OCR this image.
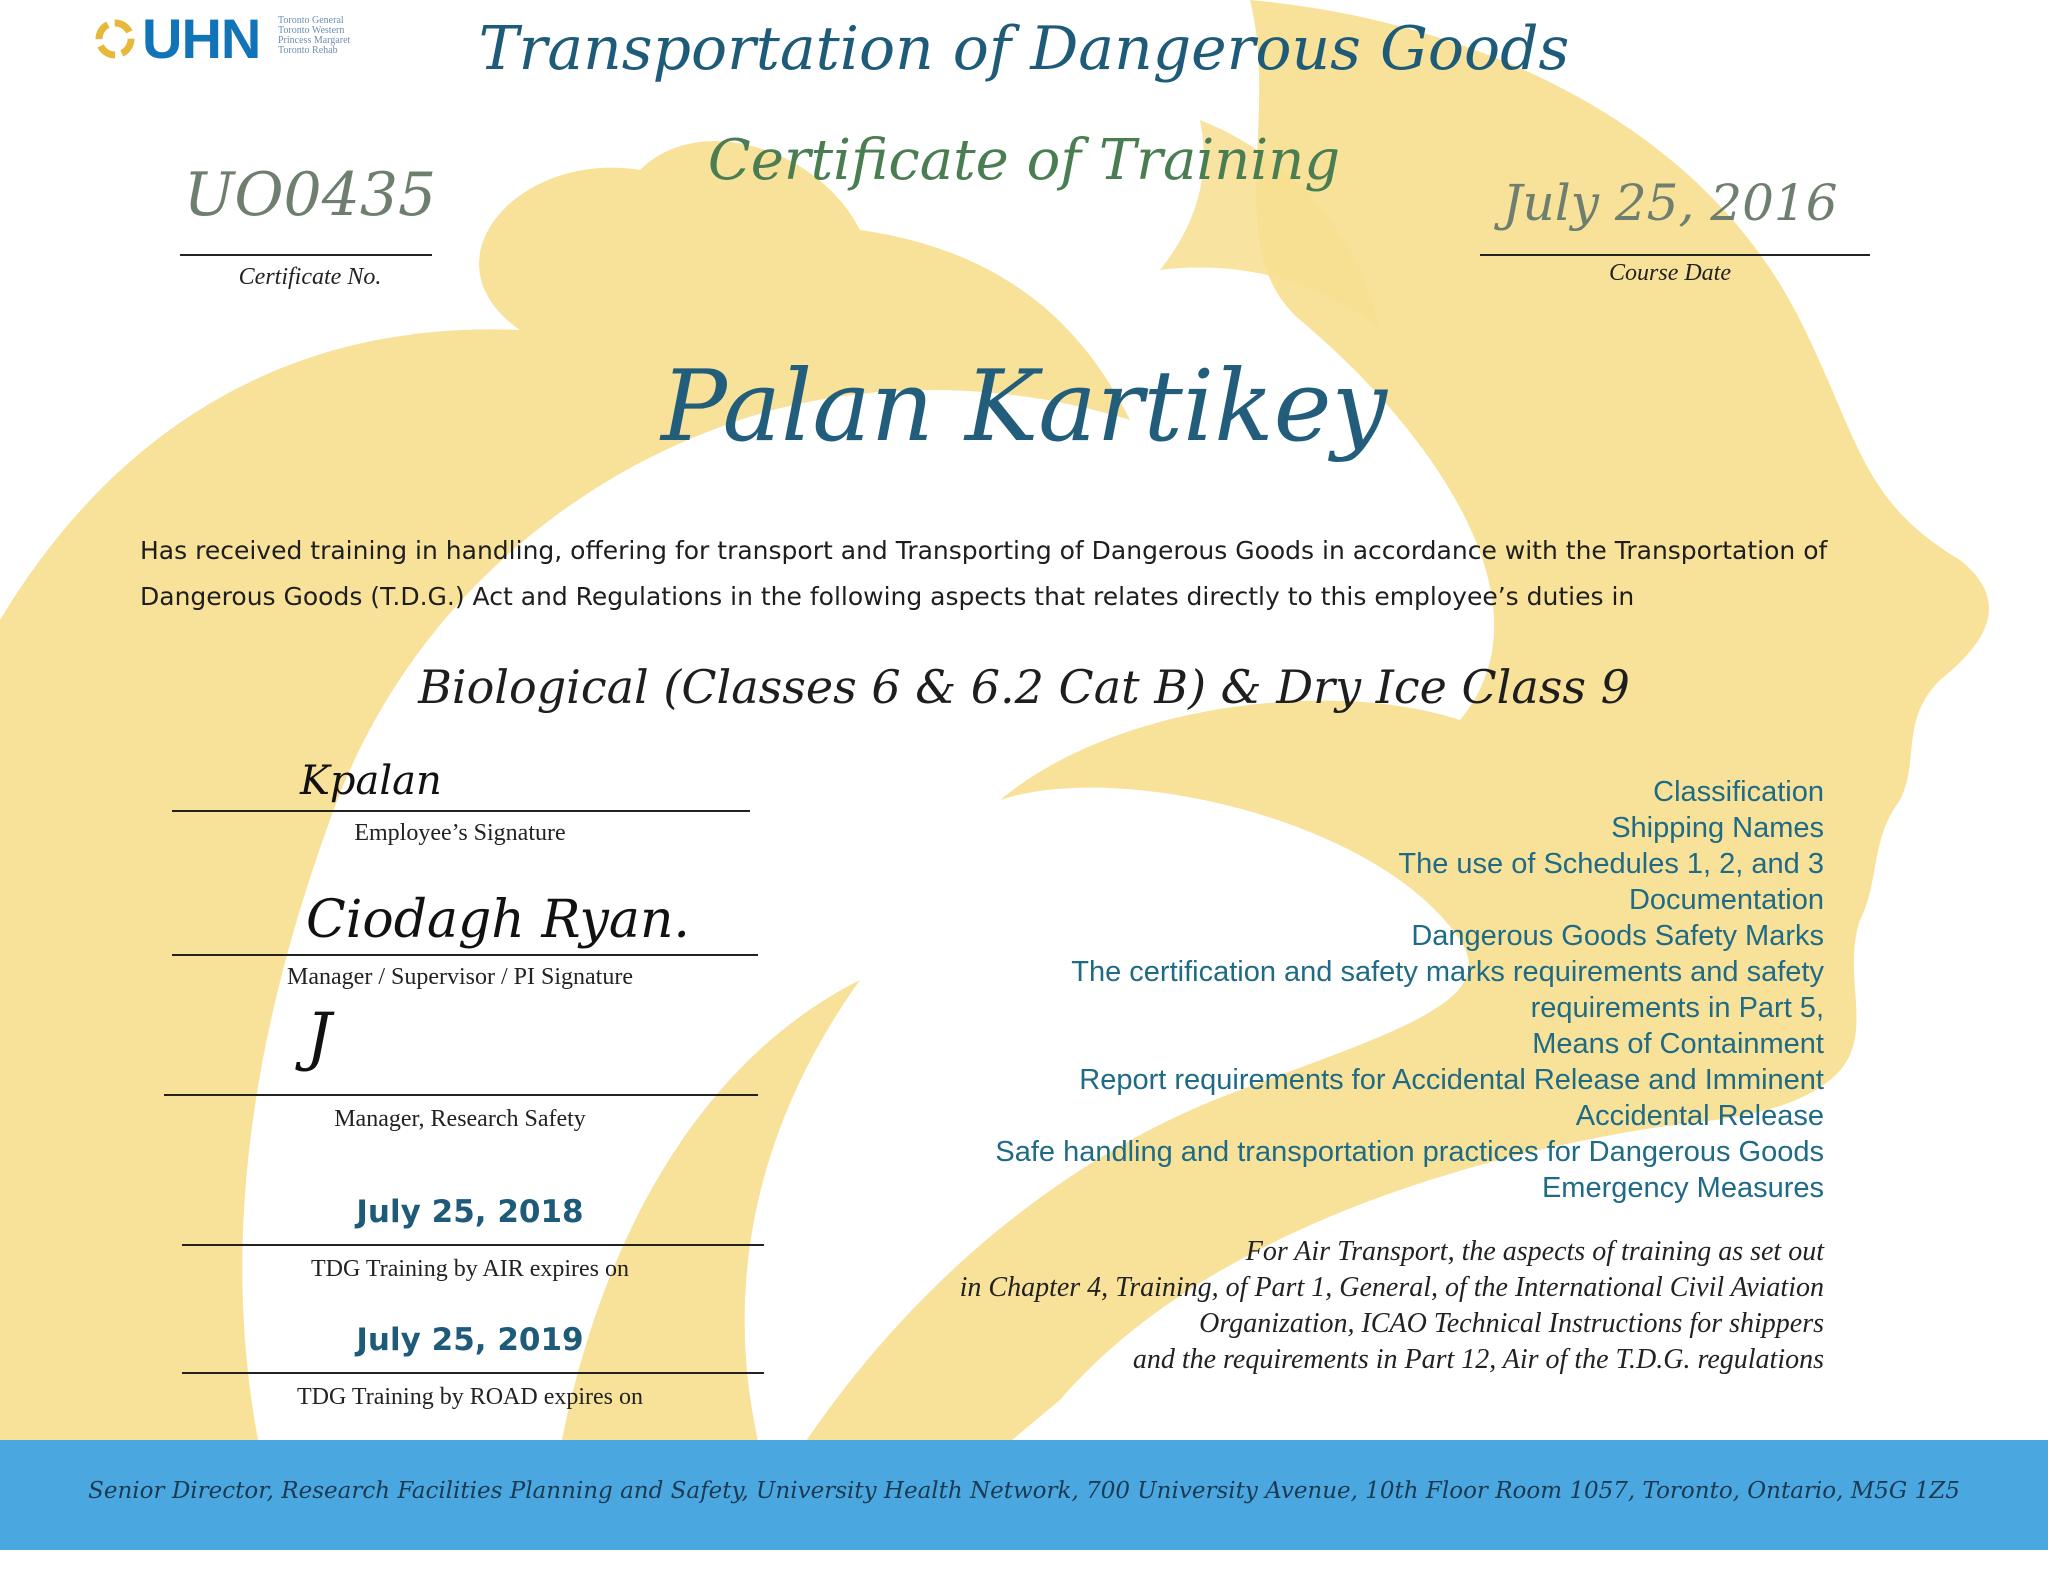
UHN Toronto General
Toronto Western
Princess Margaret
Toronto Rehab	Transportation of Dangerous Goods
Certificate of Training
UO0435
Certificate No.
July 25, 2016
Course Date
Palan Kartikey
Has received training in handling, offering for transport and Transporting of Dangerous Goods in accordance with the Transportation of Dangerous Goods (T.D.G.) Act and Regulations in the following aspects that relates directly to this employee’s duties in
Biological (Classes 6 & 6.2 Cat B) & Dry Ice Class 9
Kpalan
Employee’s Signature
Ciodagh Ryan.
Manager / Supervisor / PI Signature
J
Manager, Research Safety
July 25, 2018
TDG Training by AIR expires on
July 25, 2019
TDG Training by ROAD expires on
Classification
Shipping Names
The use of Schedules 1, 2, and 3
Documentation
Dangerous Goods Safety Marks
The certification and safety marks requirements and safety
requirements in Part 5,
Means of Containment
Report requirements for Accidental Release and Imminent
Accidental Release
Safe handling and transportation practices for Dangerous Goods
Emergency Measures
For Air Transport, the aspects of training as set out
in Chapter 4, Training, of Part 1, General, of the International Civil Aviation
Organization, ICAO Technical Instructions for shippers
and the requirements in Part 12, Air of the T.D.G. regulations
Senior Director, Research Facilities Planning and Safety, University Health Network, 700 University Avenue, 10th Floor Room 1057, Toronto, Ontario, M5G 1Z5
